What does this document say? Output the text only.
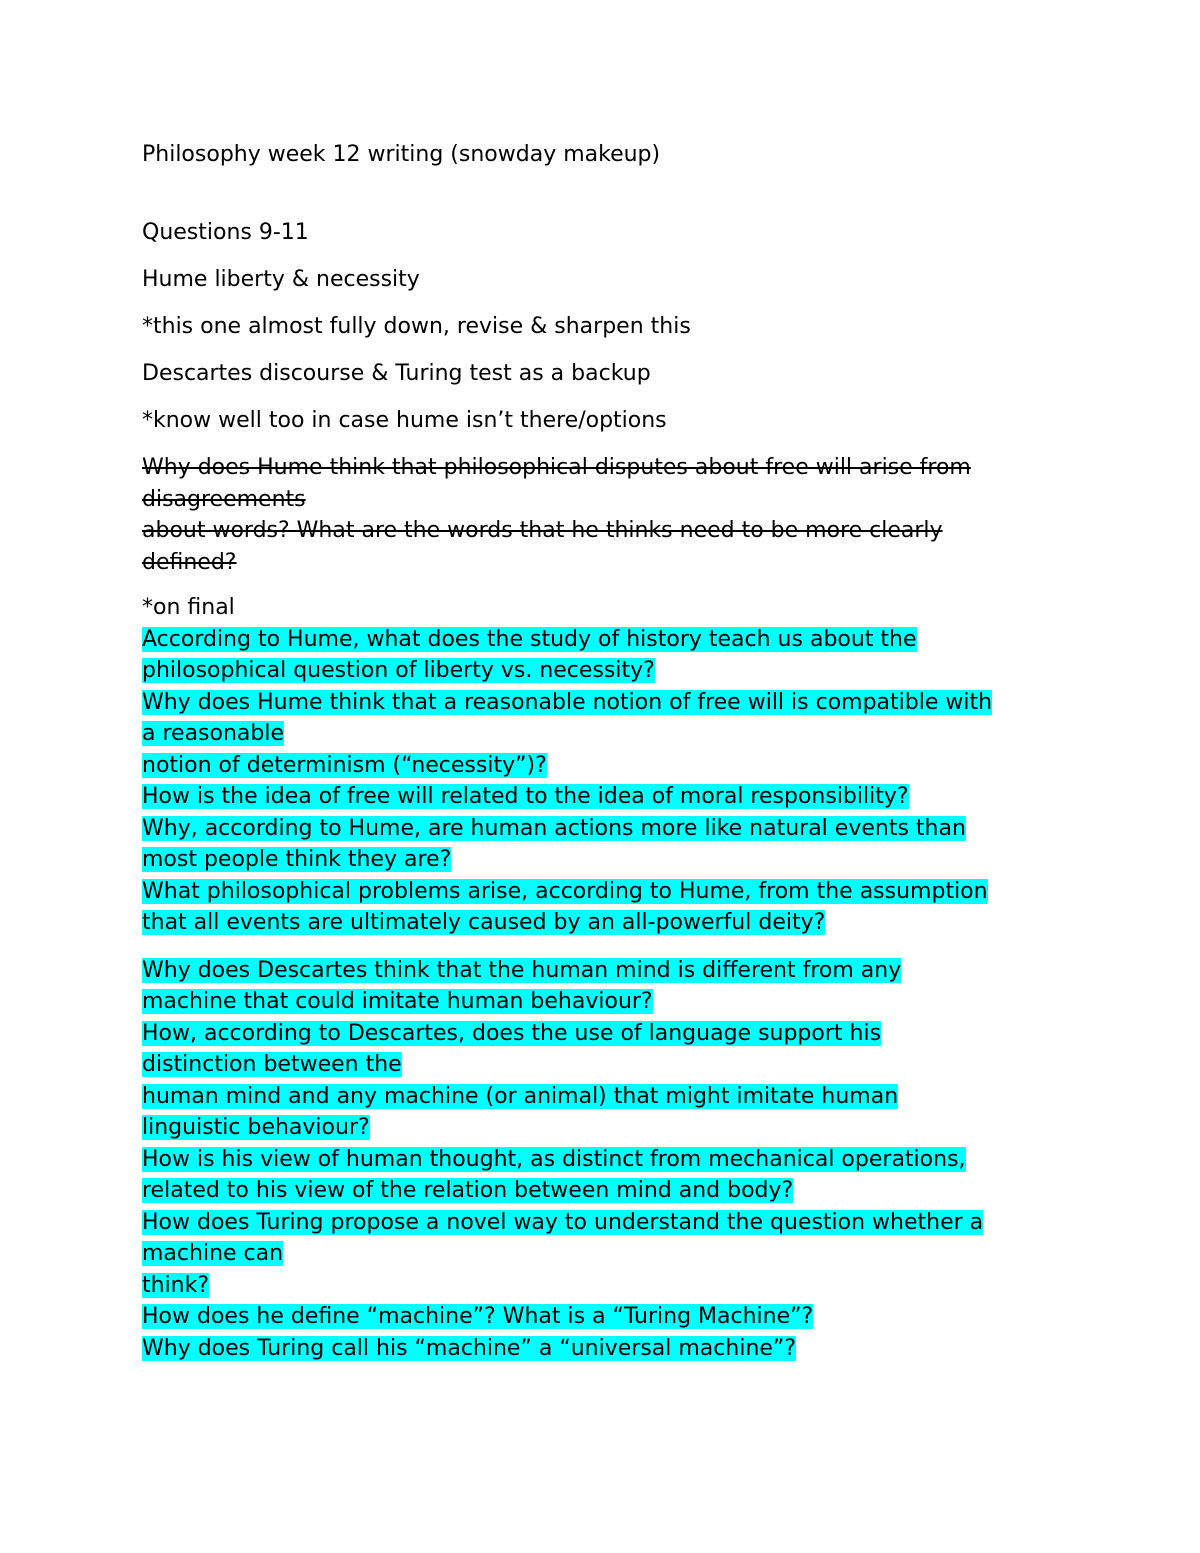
Philosophy week 12 writing (snowday makeup)

Questions 9-11

Hume liberty & necessity

*this one almost fully down, revise & sharpen this

Descartes discourse & Turing test as a backup

*know well too in case hume isn’t there/options

Why does Hume think that philosophical disputes about free will arise from

disagreements

about words? What are the words that he thinks need to be more clearly

defined?

*on final

According to Hume, what does the study of history teach us about the

philosophical question of liberty vs. necessity?

Why does Hume think that a reasonable notion of free will is compatible with

a reasonable

notion of determinism (“necessity”)?

How is the idea of free will related to the idea of moral responsibility?

Why, according to Hume, are human actions more like natural events than

most people think they are?

What philosophical problems arise, according to Hume, from the assumption

that all events are ultimately caused by an all-powerful deity?

Why does Descartes think that the human mind is different from any

machine that could imitate human behaviour?

How, according to Descartes, does the use of language support his

distinction between the

human mind and any machine (or animal) that might imitate human

linguistic behaviour?

How is his view of human thought, as distinct from mechanical operations,

related to his view of the relation between mind and body?

How does Turing propose a novel way to understand the question whether a

machine can

think?

How does he define “machine”? What is a “Turing Machine”?

Why does Turing call his “machine” a “universal machine”?
